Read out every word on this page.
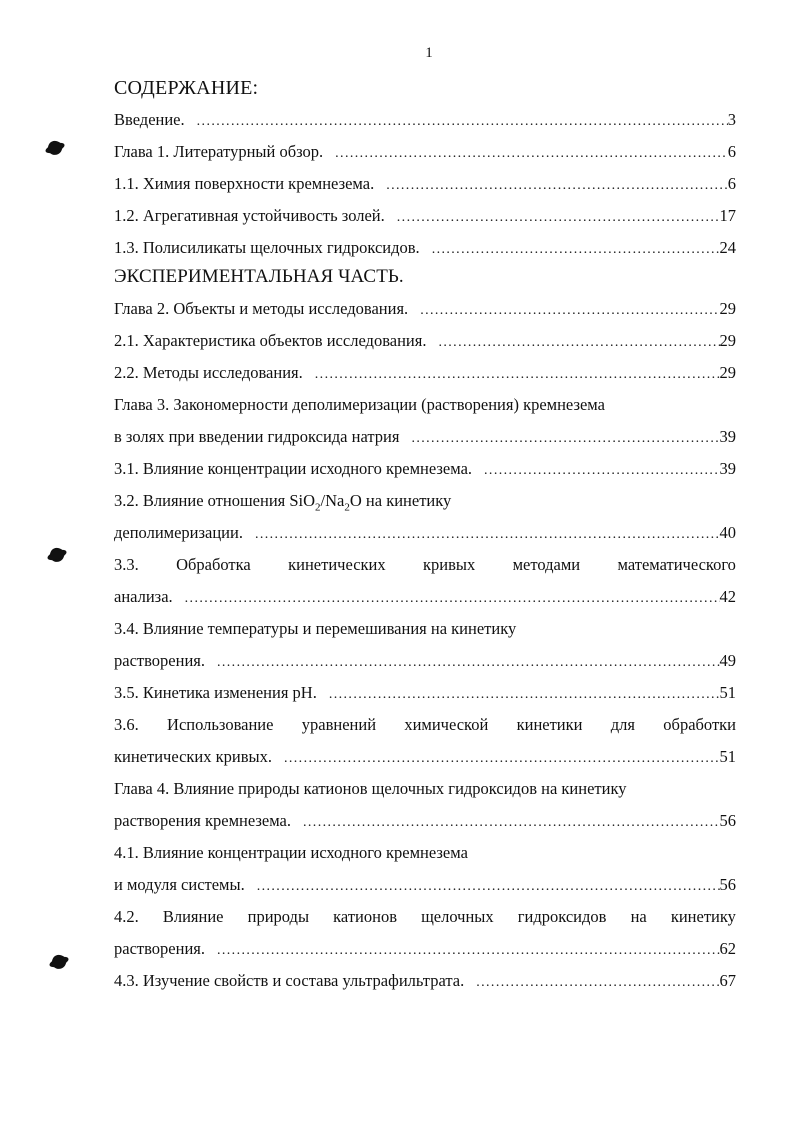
1
СОДЕРЖАНИЕ:
Введение. .....	3
Глава 1. Литературный обзор. .....	6
1.1. Химия поверхности кремнезема. .....	6
1.2. Агрегативная устойчивость золей. .....	17
1.3. Полисиликаты щелочных гидроксидов. .....	24
ЭКСПЕРИМЕНТАЛЬНАЯ ЧАСТЬ.
Глава 2. Объекты и методы исследования. .....	29
2.1. Характеристика объектов исследования. .....	29
2.2. Методы исследования. .....	29
Глава 3. Закономерности деполимеризации (растворения) кремнезема
в золях при введении гидроксида натрия .....	39
3.1. Влияние концентрации исходного кремнезема. .....	39
3.2. Влияние отношения $SiO_2/Na_2O$ на кинетику
деполимеризации. .....	40
3.3. Обработка кинетических кривых методами математического
анализа. .....	42
3.4. Влияние температуры и перемешивания на кинетику
растворения. .....	49
3.5. Кинетика изменения pH. .....	51
3.6. Использование уравнений химической кинетики для обработки
кинетических кривых. .....	51
Глава 4. Влияние природы катионов щелочных гидроксидов на кинетику
растворения кремнезема. .....	56
4.1. Влияние концентрации исходного кремнезема
и модуля системы. .....	56
4.2. Влияние природы катионов щелочных гидроксидов на кинетику
растворения. .....	62
4.3. Изучение свойств и состава ультрафильтрата. .....	67
